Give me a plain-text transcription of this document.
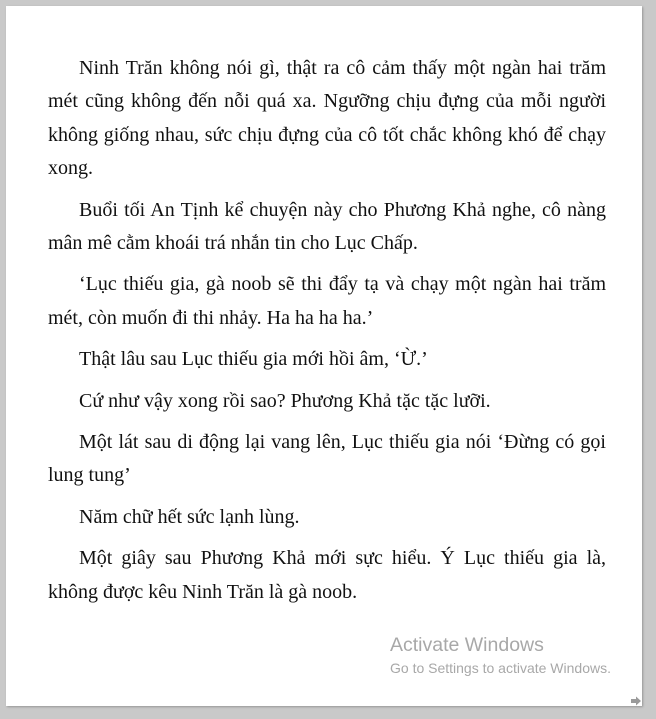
Ninh Trăn không nói gì, thật ra cô cảm thấy một ngàn hai trăm mét cũng không đến nỗi quá xa. Ngưỡng chịu đựng của mỗi người không giống nhau, sức chịu đựng của cô tốt chắc không khó để chạy xong.

Buổi tối An Tịnh kể chuyện này cho Phương Khả nghe, cô nàng mân mê cằm khoái trá nhắn tin cho Lục Chấp.

‘Lục thiếu gia, gà noob sẽ thi đẩy tạ và chạy một ngàn hai trăm mét, còn muốn đi thi nhảy. Ha ha ha ha.’

Thật lâu sau Lục thiếu gia mới hồi âm, ‘Ừ.’

Cứ như vậy xong rồi sao? Phương Khả tặc tặc lưỡi.

Một lát sau di động lại vang lên, Lục thiếu gia nói ‘Đừng có gọi lung tung’

Năm chữ hết sức lạnh lùng.

Một giây sau Phương Khả mới sực hiểu. Ý Lục thiếu gia là, không được kêu Ninh Trăn là gà noob.

Activate Windows
Go to Settings to activate Windows.
